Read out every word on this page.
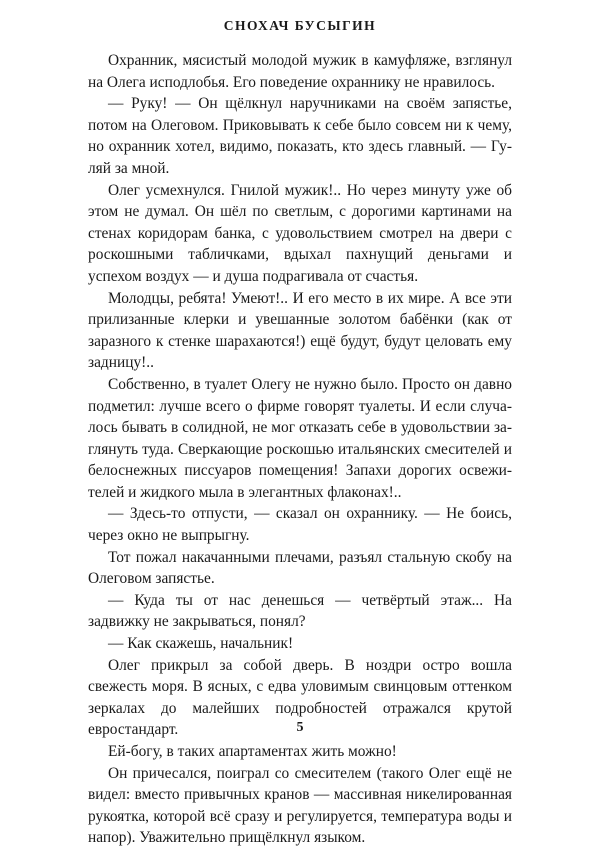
СНОХАЧ БУСЫГИН

Охранник, мясистый молодой мужик в камуфляже, взглянул на Олега исподлобья. Его поведение охраннику не нравилось.

— Руку! — Он щёлкнул наручниками на своём запястье, потом на Олеговом. Приковывать к себе было совсем ни к чему, но охранник хотел, видимо, показать, кто здесь главный. — Гуляй за мной.

Олег усмехнулся. Гнилой мужик!.. Но через минуту уже об этом не думал. Он шёл по светлым, с дорогими картинами на стенах коридорам банка, с удовольствием смотрел на двери с роскошными табличками, вдыхал пахнущий деньгами и успехом воздух — и душа подрагивала от счастья.

Молодцы, ребята! Умеют!.. И его место в их мире. А все эти прилизанные клерки и увешанные золотом бабёнки (как от заразного к стенке шарахаются!) ещё будут, будут целовать ему задницу!..

Собственно, в туалет Олегу не нужно было. Просто он давно подметил: лучше всего о фирме говорят туалеты. И если случалось бывать в солидной, не мог отказать себе в удовольствии заглянуть туда. Сверкающие роскошью итальянских смесителей и белоснежных писсуаров помещения! Запахи дорогих освежителей и жидкого мыла в элегантных флаконах!..

— Здесь-то отпусти, — сказал он охраннику. — Не боись, через окно не выпрыгну.

Тот пожал накачанными плечами, разъял стальную скобу на Олеговом запястье.

— Куда ты от нас денешься — четвёртый этаж... На задвижку не закрываться, понял?

— Как скажешь, начальник!

Олег прикрыл за собой дверь. В ноздри остро вошла свежесть моря. В ясных, с едва уловимым свинцовым оттенком зеркалах до малейших подробностей отражался крутой евростандарт.

Ей-богу, в таких апартаментах жить можно!

Он причесался, поиграл со смесителем (такого Олег ещё не видел: вместо привычных кранов — массивная никелированная рукоятка, которой всё сразу и регулируется, температура воды и напор). Уважительно прищёлкнул языком.

5
